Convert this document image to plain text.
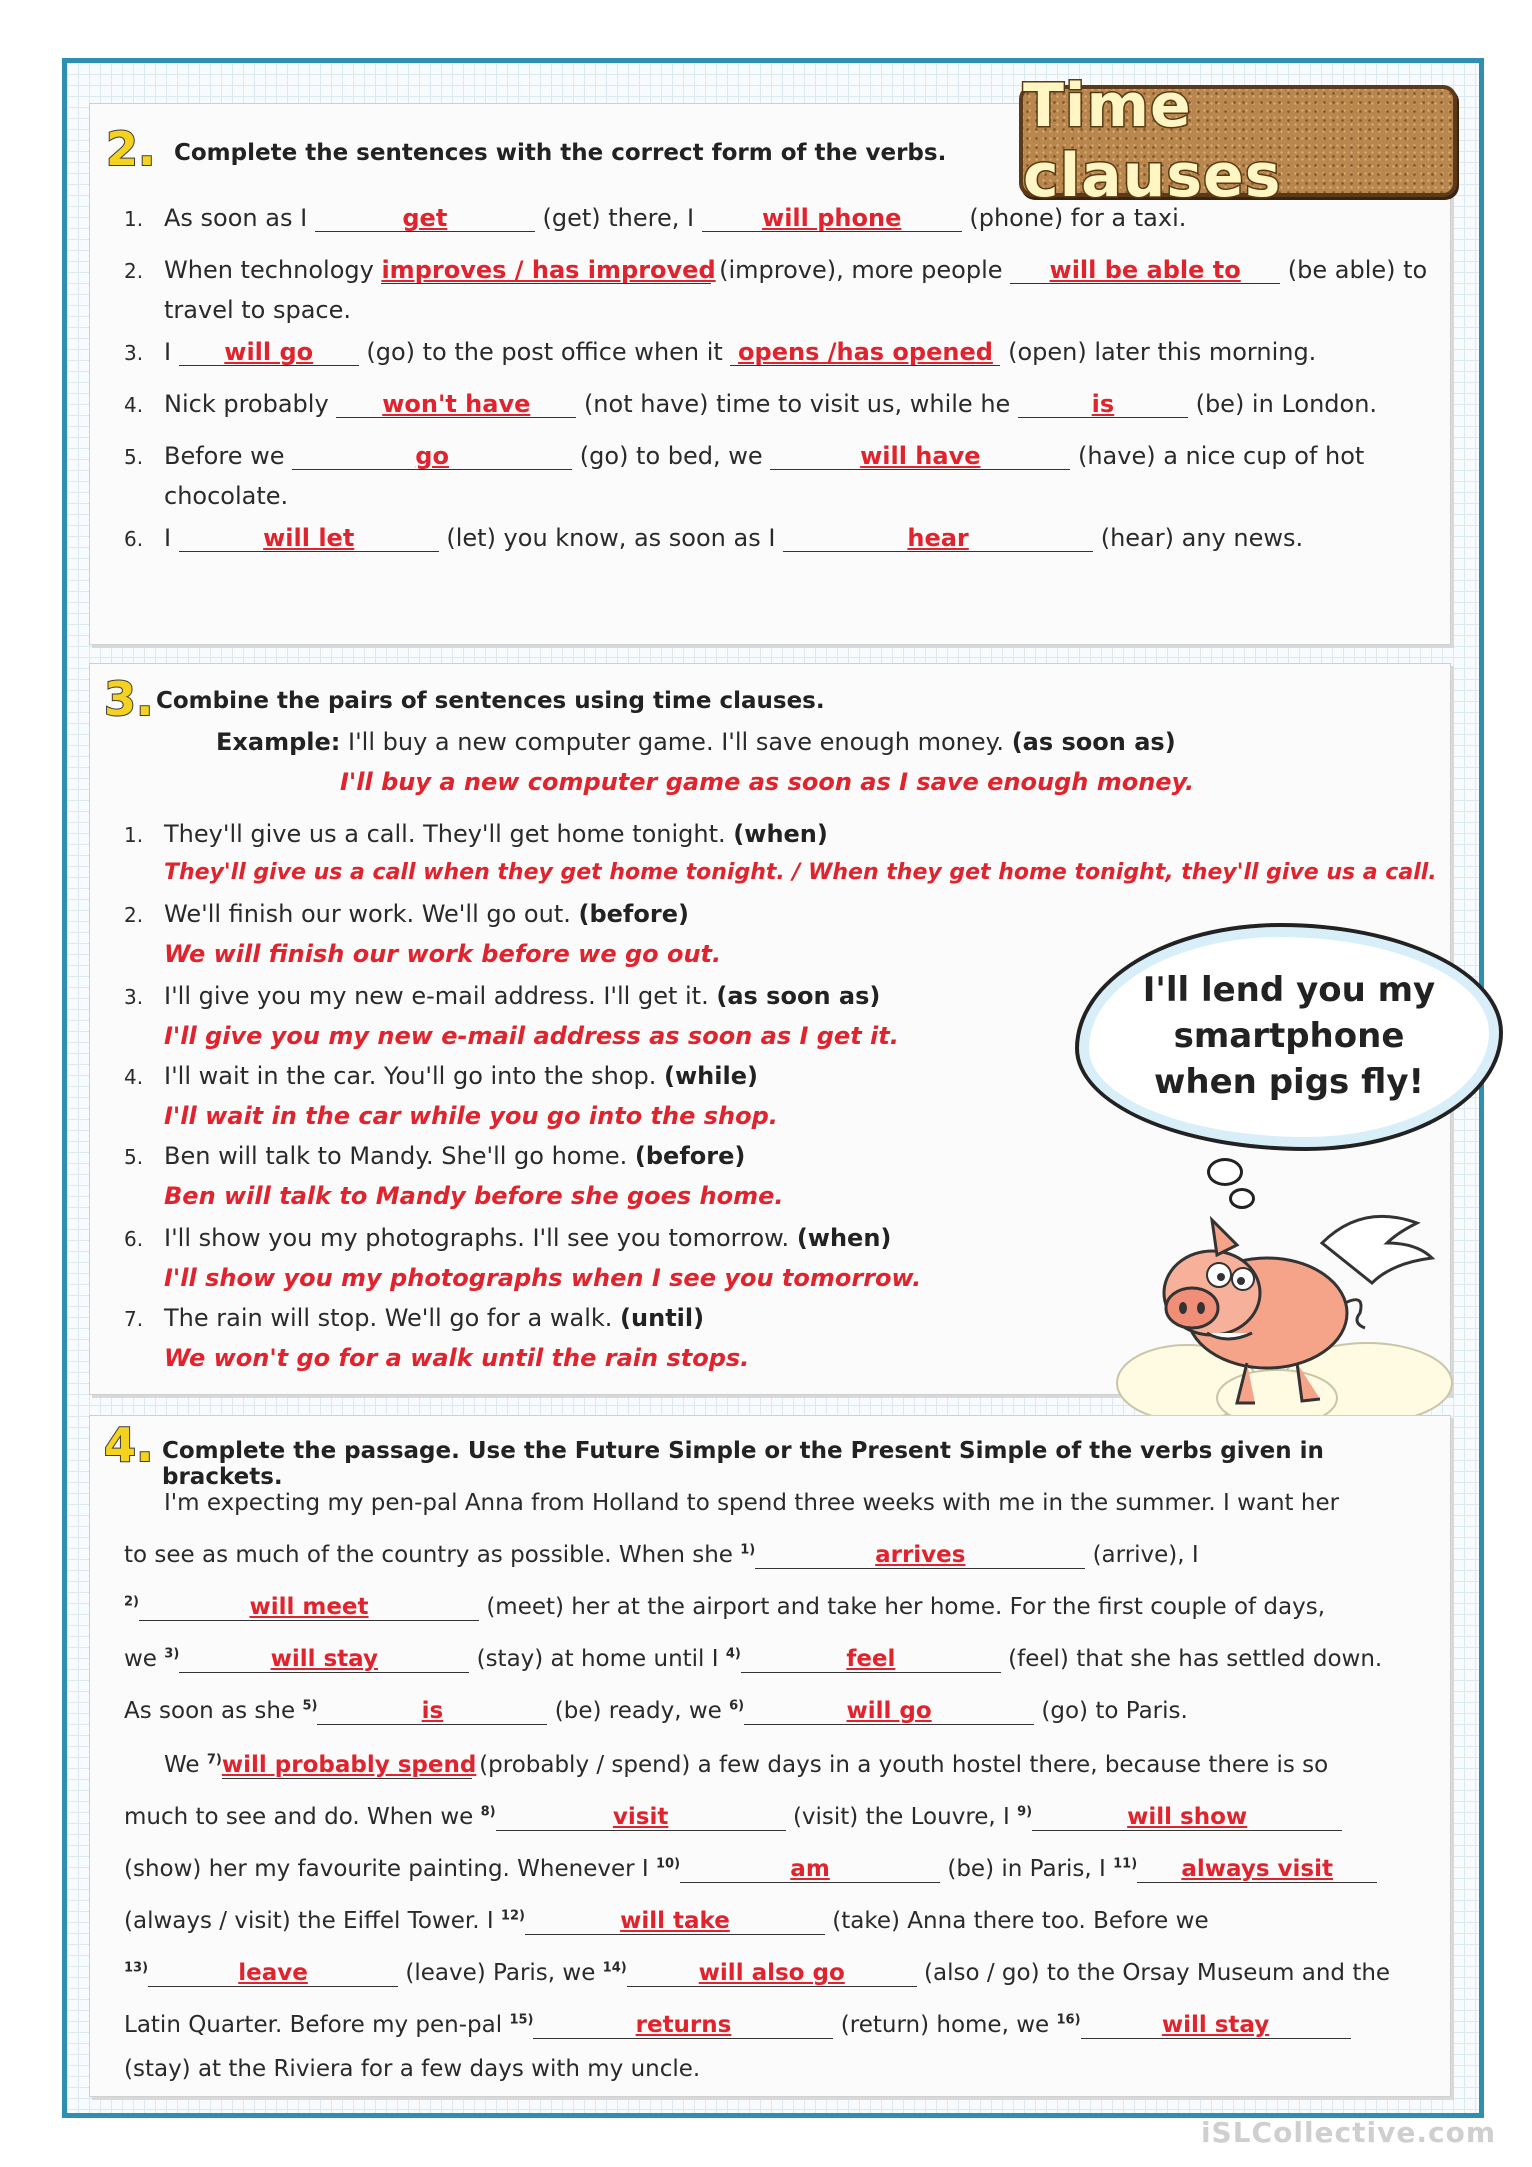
2. Complete the sentences with the correct form of the verbs.
1. As soon as I	get	(get) there, I	will phone	(phone) for a taxi.
2. When technology improves / has improved (improve), more people will be able to (be able) to
travel to space.
3. I will go (go) to the post office when it opens /has opened (open) later this morning.
4. Nick probably won't have (not have) time to visit us, while he	is	(be) in London.
5. Before we	go	(go) to bed, we	will have	(have) a nice cup of hot
chocolate.
6. I	will let	(let) you know, as soon as I	hear	(hear) any news.
Time clauses
3. Combine the pairs of sentences using time clauses.
Example: I'll buy a new computer game. I'll save enough money. (as soon as)
I'll buy a new computer game as soon as I save enough money.
1. They'll give us a call. They'll get home tonight. (when)
They'll give us a call when they get home tonight. / When they get home tonight, they'll give us a call.
2. We'll finish our work. We'll go out. (before)
We will finish our work before we go out.
3. I'll give you my new e-mail address. I'll get it. (as soon as)
I'll give you my new e-mail address as soon as I get it.
4. I'll wait in the car. You'll go into the shop. (while)
I'll wait in the car while you go into the shop.
5. Ben will talk to Mandy. She'll go home. (before)
Ben will talk to Mandy before she goes home.
6. I'll show you my photographs. I'll see you tomorrow. (when)
I'll show you my photographs when I see you tomorrow.
7. The rain will stop. We'll go for a walk. (until)
We won't go for a walk until the rain stops.
I'll lend you my smartphone when pigs fly!
4. Complete the passage. Use the Future Simple or the Present Simple of the verbs given in brackets.
I'm expecting my pen-pal Anna from Holland to spend three weeks with me in the summer. I want her
to see as much of the country as possible. When she $^{1)}$	arrives	(arrive), I
$^{2)}$	will meet	(meet) her at the airport and take her home. For the first couple of days,
we $^{3)}$	will stay	(stay) at home until I $^{4)}$	feel	(feel) that she has settled down.
As soon as she $^{5)}$	is	(be) ready, we $^{6)}$	will go	(go) to Paris.
We $^{7)}$will probably spend (probably / spend) a few days in a youth hostel there, because there is so
much to see and do. When we $^{8)}$	visit	(visit) the Louvre, I $^{9)}$	will show
(show) her my favourite painting. Whenever I $^{10)}$	am	(be) in Paris, I $^{11)}$ always visit
(always / visit) the Eiffel Tower. I $^{12)}$	will take	(take) Anna there too. Before we
$^{13)}$	leave	(leave) Paris, we $^{14)}$	will also go	(also / go) to the Orsay Museum and the
Latin Quarter. Before my pen-pal $^{15)}$	returns	(return) home, we $^{16)}$	will stay
(stay) at the Riviera for a few days with my uncle.
iSLCollective.com
